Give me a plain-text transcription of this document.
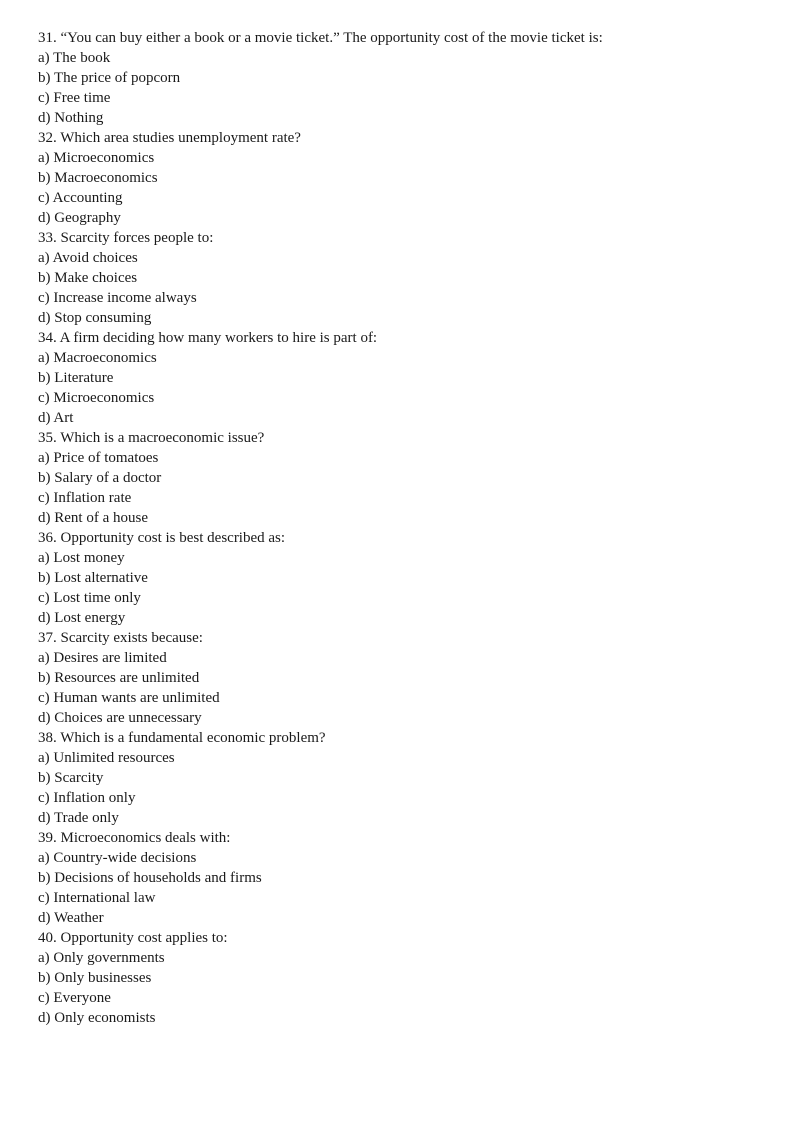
31. “You can buy either a book or a movie ticket.” The opportunity cost of the movie ticket is:
a) The book
b) The price of popcorn
c) Free time
d) Nothing
32. Which area studies unemployment rate?
a) Microeconomics
b) Macroeconomics
c) Accounting
d) Geography
33. Scarcity forces people to:
a) Avoid choices
b) Make choices
c) Increase income always
d) Stop consuming
34. A firm deciding how many workers to hire is part of:
a) Macroeconomics
b) Literature
c) Microeconomics
d) Art
35. Which is a macroeconomic issue?
a) Price of tomatoes
b) Salary of a doctor
c) Inflation rate
d) Rent of a house
36. Opportunity cost is best described as:
a) Lost money
b) Lost alternative
c) Lost time only
d) Lost energy
37. Scarcity exists because:
a) Desires are limited
b) Resources are unlimited
c) Human wants are unlimited
d) Choices are unnecessary
38. Which is a fundamental economic problem?
a) Unlimited resources
b) Scarcity
c) Inflation only
d) Trade only
39. Microeconomics deals with:
a) Country-wide decisions
b) Decisions of households and firms
c) International law
d) Weather
40. Opportunity cost applies to:
a) Only governments
b) Only businesses
c) Everyone
d) Only economists
